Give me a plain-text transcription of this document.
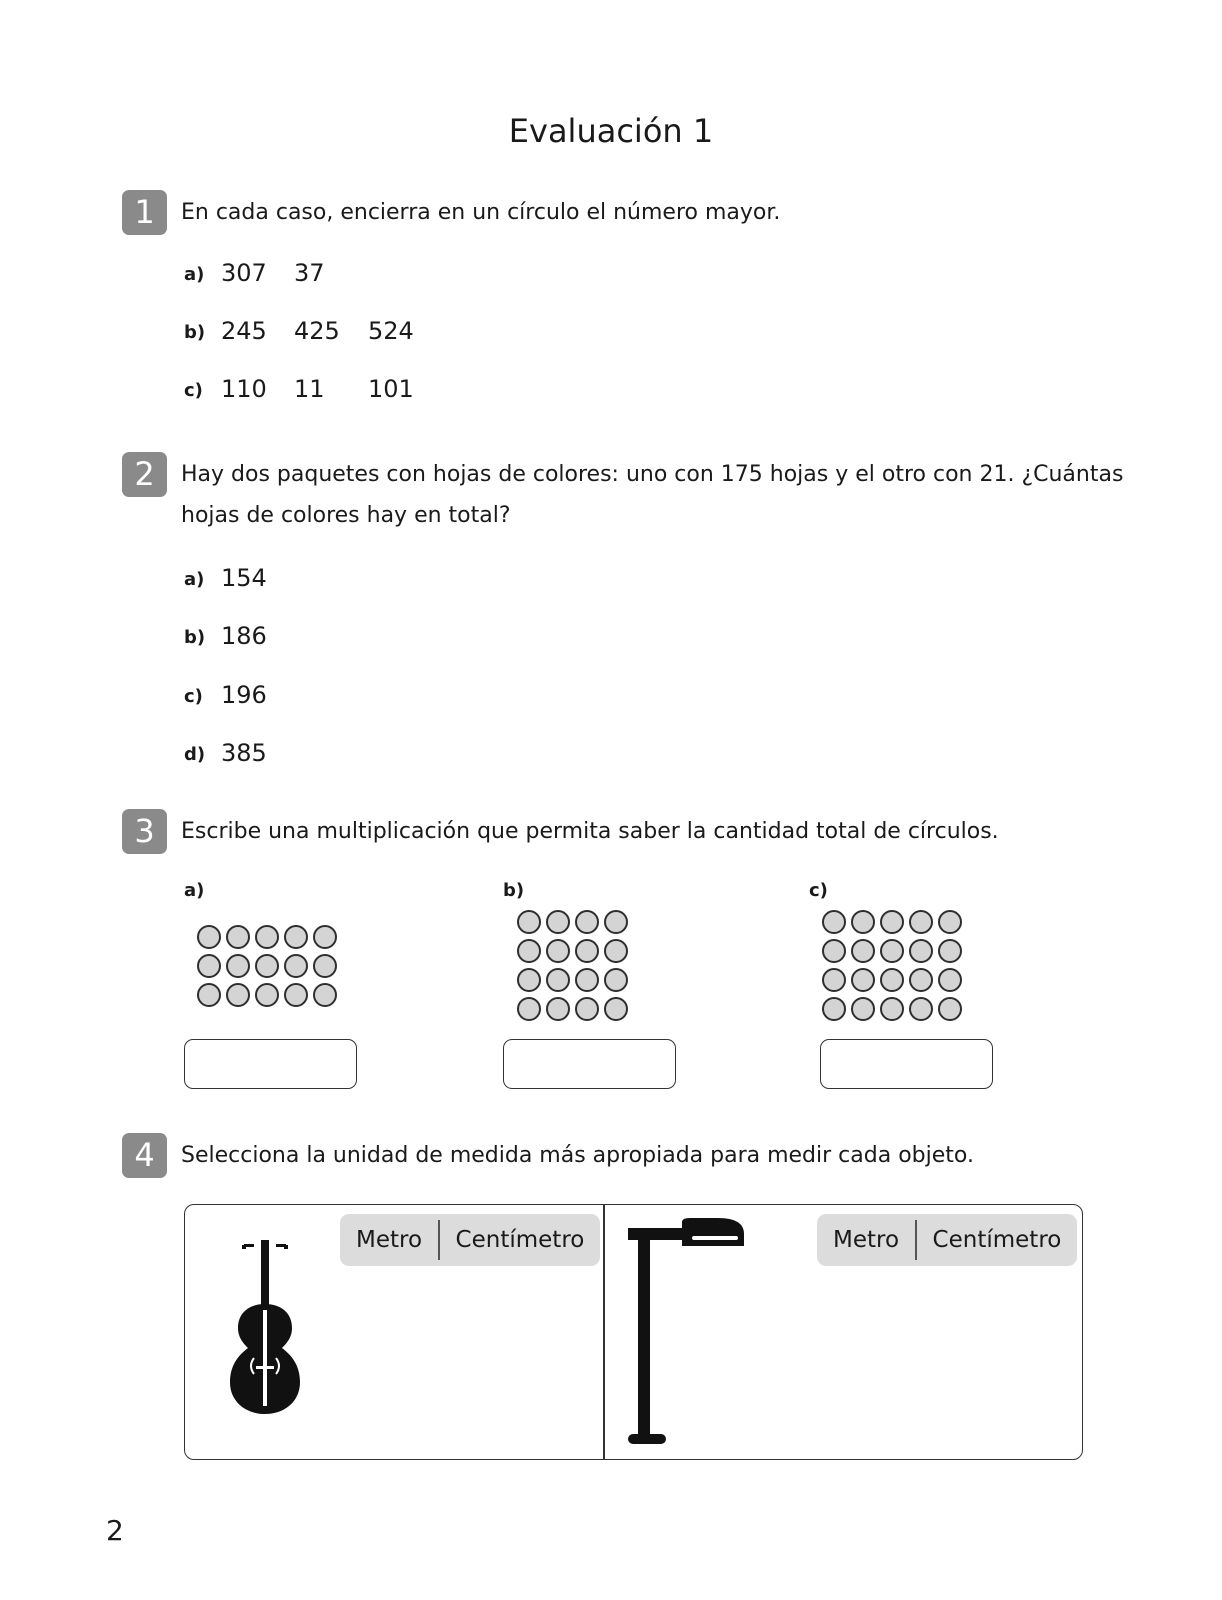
Evaluación 1
1	En cada caso, encierra en un círculo el número mayor.
a) 307 37
b) 245 425 524
c) 110 11 101
2	Hay dos paquetes con hojas de colores: uno con 175 hojas y el otro con 21. ¿Cuántas
hojas de colores hay en total?
a) 154
b) 186
c) 196
d) 385
3	Escribe una multiplicación que permita saber la cantidad total de círculos.
a)	b)	c)
4	Selecciona la unidad de medida más apropiada para medir cada objeto.
Metro	Centímetro	Metro	Centímetro
2
